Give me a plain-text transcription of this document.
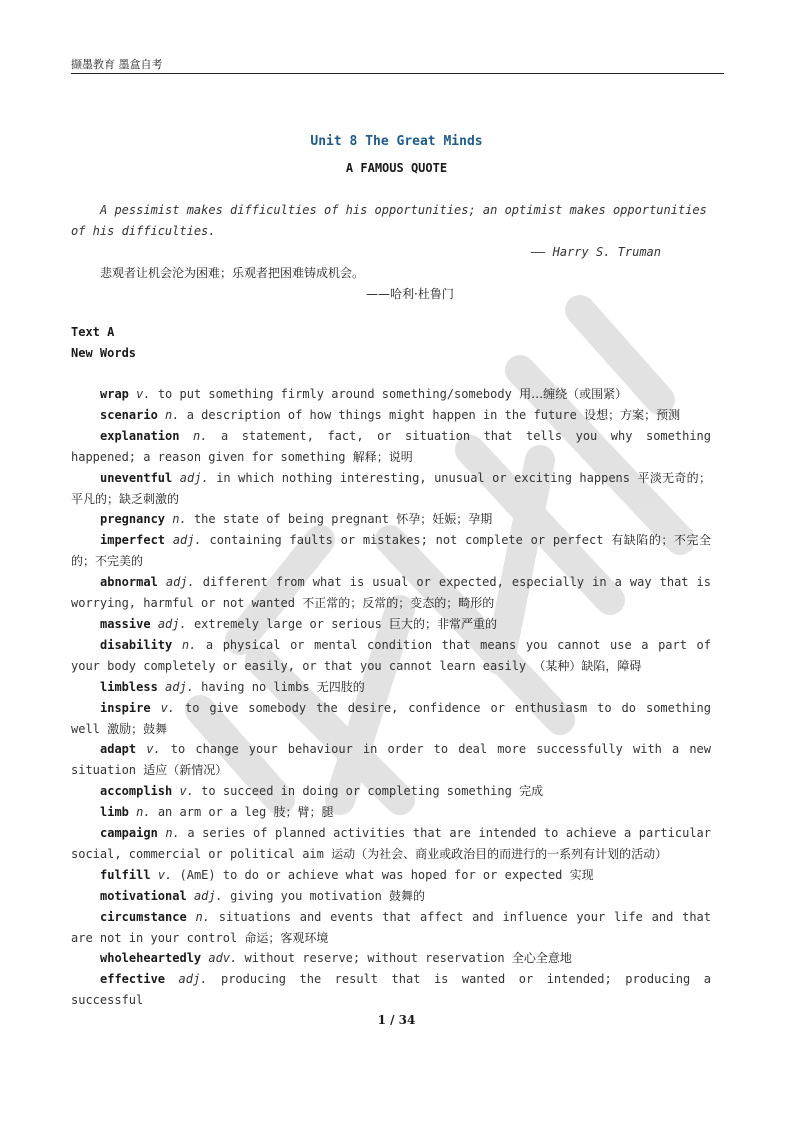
撷墨教育 墨盒自考
Unit 8 The Great Minds
A FAMOUS QUOTE

A pessimist makes difficulties of his opportunities; an optimist makes opportunities of his difficulties.

—— Harry S. Truman

悲观者让机会沦为困难；乐观者把困难铸成机会。

——哈利·杜鲁门

Text A

New Words

wrap v. to put something firmly around something/somebody 用…缠绕（或围紧）

scenario n. a description of how things might happen in the future 设想；方案；预测

explanation n. a statement, fact, or situation that tells you why something happened; a reason given for something 解释；说明

uneventful adj. in which nothing interesting, unusual or exciting happens 平淡无奇的；平凡的；缺乏刺激的

pregnancy n. the state of being pregnant 怀孕；妊娠；孕期

imperfect adj. containing faults or mistakes; not complete or perfect 有缺陷的；不完全的；不完美的

abnormal adj. different from what is usual or expected, especially in a way that is worrying, harmful or not wanted 不正常的；反常的；变态的；畸形的

massive adj. extremely large or serious 巨大的；非常严重的

disability n. a physical or mental condition that means you cannot use a part of your body completely or easily, or that you cannot learn easily （某种）缺陷，障碍

limbless adj. having no limbs 无四肢的

inspire v. to give somebody the desire, confidence or enthusiasm to do something well 激励；鼓舞

adapt v. to change your behaviour in order to deal more successfully with a new situation 适应（新情况）

accomplish v. to succeed in doing or completing something 完成

limb n. an arm or a leg 肢；臂；腿

campaign n. a series of planned activities that are intended to achieve a particular social, commercial or political aim 运动（为社会、商业或政治目的而进行的一系列有计划的活动）

fulfill v. (AmE) to do or achieve what was hoped for or expected 实现

motivational adj. giving you motivation 鼓舞的

circumstance n. situations and events that affect and influence your life and that are not in your control 命运；客观环境

wholeheartedly adv. without reserve; without reservation 全心全意地

effective adj. producing the result that is wanted or intended; producing a successful

1 / 34
